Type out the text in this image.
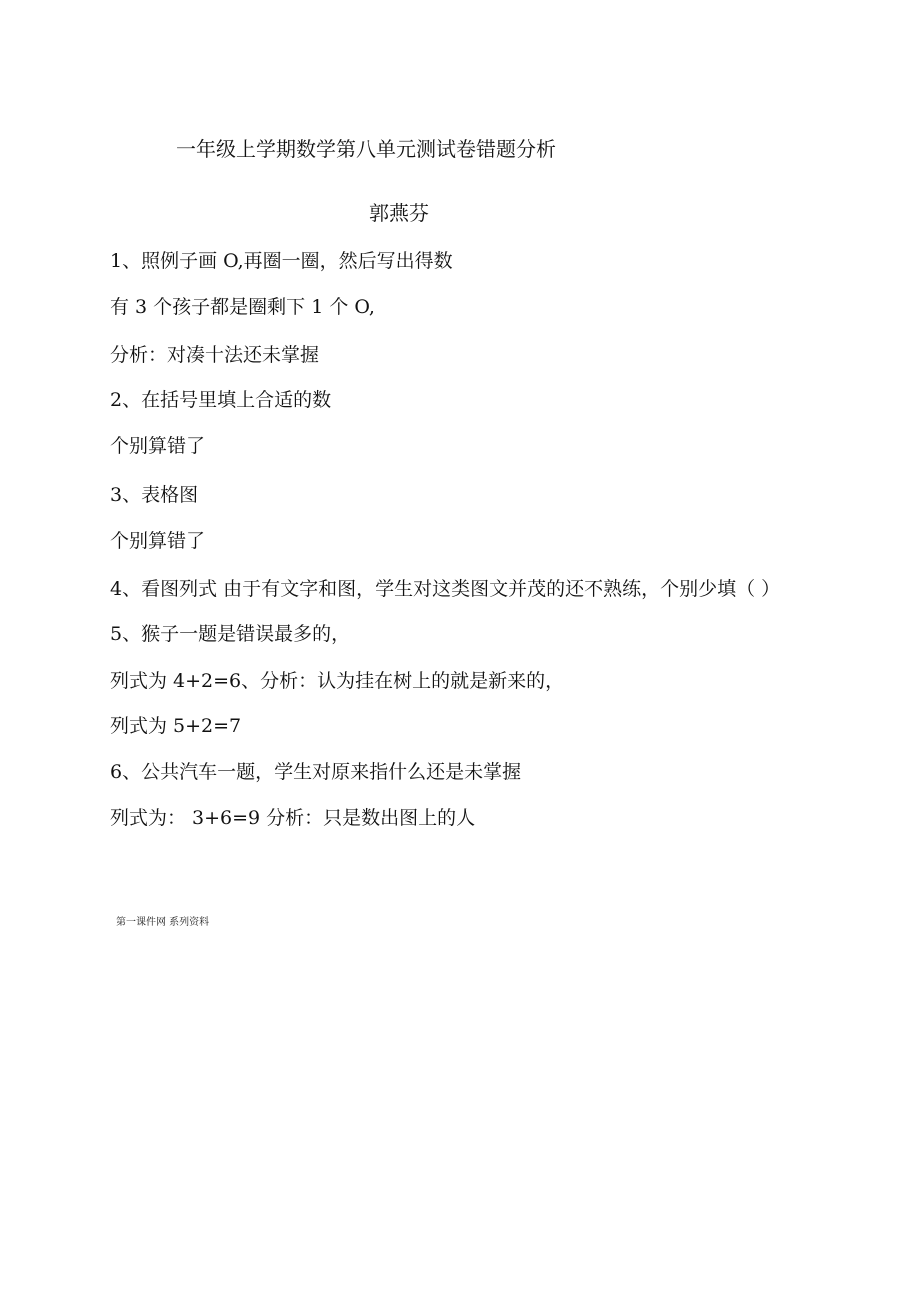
一年级上学期数学第八单元测试卷错题分析
郭燕芬
1、照例子画 O,再圈一圈，然后写出得数
有 3 个孩子都是圈剩下 1 个 O,
分析：对凑十法还未掌握
2、在括号里填上合适的数
个别算错了
3、表格图
个别算错了
4、看图列式 由于有文字和图，学生对这类图文并茂的还不熟练，个别少填（ ）
5、猴子一题是错误最多的，
列式为 4+2=6、分析：认为挂在树上的就是新来的，
列式为 5+2=7
6、公共汽车一题，学生对原来指什么还是未掌握
列式为： 3+6=9 分析：只是数出图上的人
第一课件网 系列资料
